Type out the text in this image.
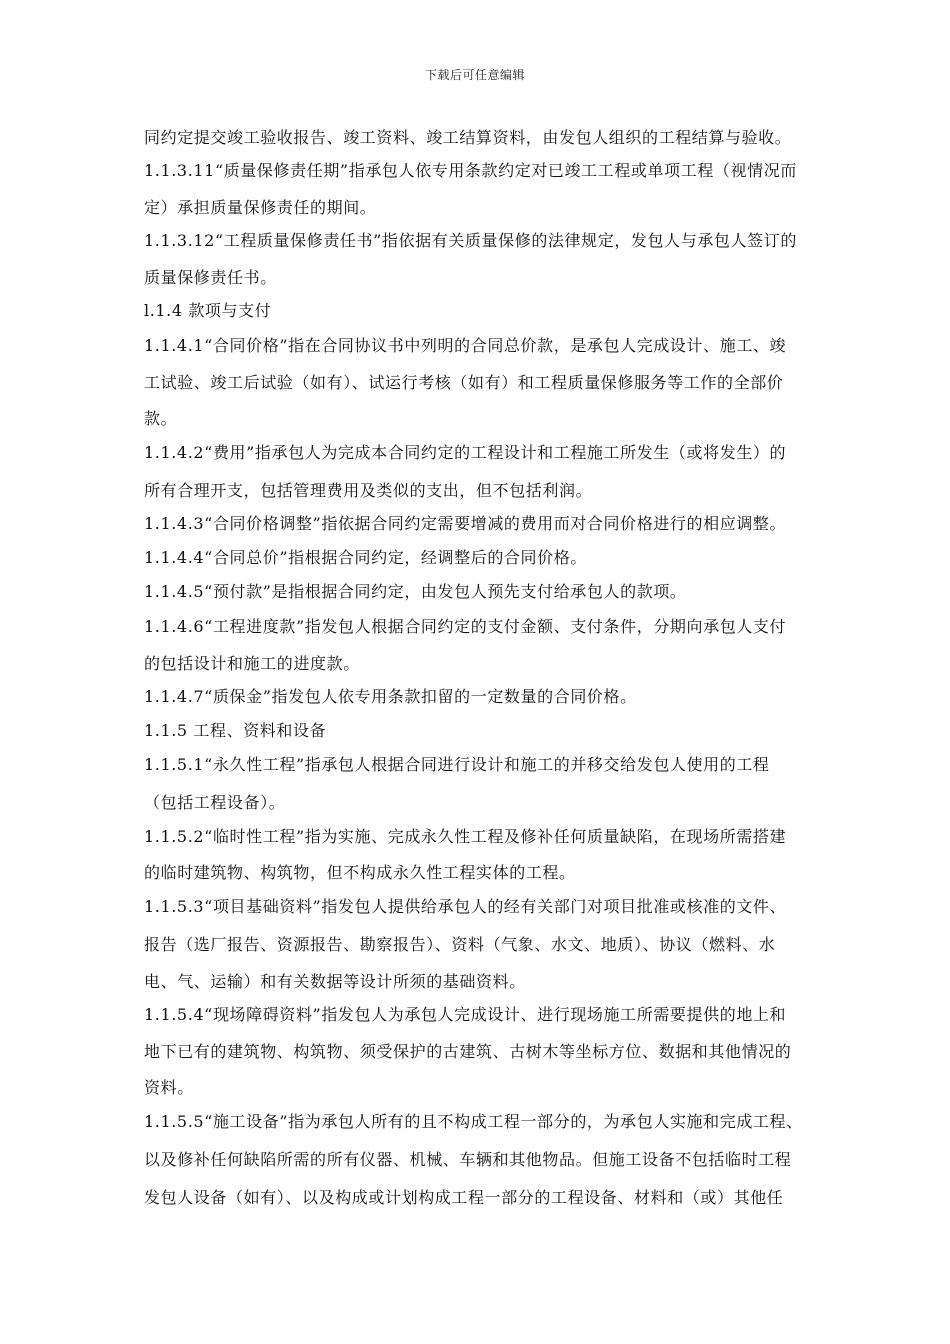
下载后可任意编辑
同约定提交竣工验收报告、竣工资料、竣工结算资料，由发包人组织的工程结算与验收。
1.1.3.11“质量保修责任期”指承包人依专用条款约定对已竣工工程或单项工程（视情况而
定）承担质量保修责任的期间。
1.1.3.12“工程质量保修责任书”指依据有关质量保修的法律规定，发包人与承包人签订的
质量保修责任书。
l.1.4 款项与支付
1.1.4.1“合同价格”指在合同协议书中列明的合同总价款，是承包人完成设计、施工、竣
工试验、竣工后试验（如有）、试运行考核（如有）和工程质量保修服务等工作的全部价
款。
1.1.4.2“费用”指承包人为完成本合同约定的工程设计和工程施工所发生（或将发生）的
所有合理开支，包括管理费用及类似的支出，但不包括利润。
1.1.4.3“合同价格调整”指依据合同约定需要增减的费用而对合同价格进行的相应调整。
1.1.4.4“合同总价”指根据合同约定，经调整后的合同价格。
1.1.4.5“预付款”是指根据合同约定，由发包人预先支付给承包人的款项。
1.1.4.6“工程进度款”指发包人根据合同约定的支付金额、支付条件，分期向承包人支付
的包括设计和施工的进度款。
1.1.4.7“质保金”指发包人依专用条款扣留的一定数量的合同价格。
1.1.5 工程、资料和设备
1.1.5.1“永久性工程”指承包人根据合同进行设计和施工的并移交给发包人使用的工程
（包括工程设备）。
1.1.5.2“临时性工程”指为实施、完成永久性工程及修补任何质量缺陷，在现场所需搭建
的临时建筑物、构筑物，但不构成永久性工程实体的工程。
1.1.5.3“项目基础资料”指发包人提供给承包人的经有关部门对项目批准或核准的文件、
报告（选厂报告、资源报告、勘察报告）、资料（气象、水文、地质）、协议（燃料、水
电、气、运输）和有关数据等设计所须的基础资料。
1.1.5.4“现场障碍资料”指发包人为承包人完成设计、进行现场施工所需要提供的地上和
地下已有的建筑物、构筑物、须受保护的古建筑、古树木等坐标方位、数据和其他情况的
资料。
1.1.5.5“施工设备”指为承包人所有的且不构成工程一部分的，为承包人实施和完成工程、
以及修补任何缺陷所需的所有仪器、机械、车辆和其他物品。但施工设备不包括临时工程
发包人设备（如有）、以及构成或计划构成工程一部分的工程设备、材料和（或）其他任
